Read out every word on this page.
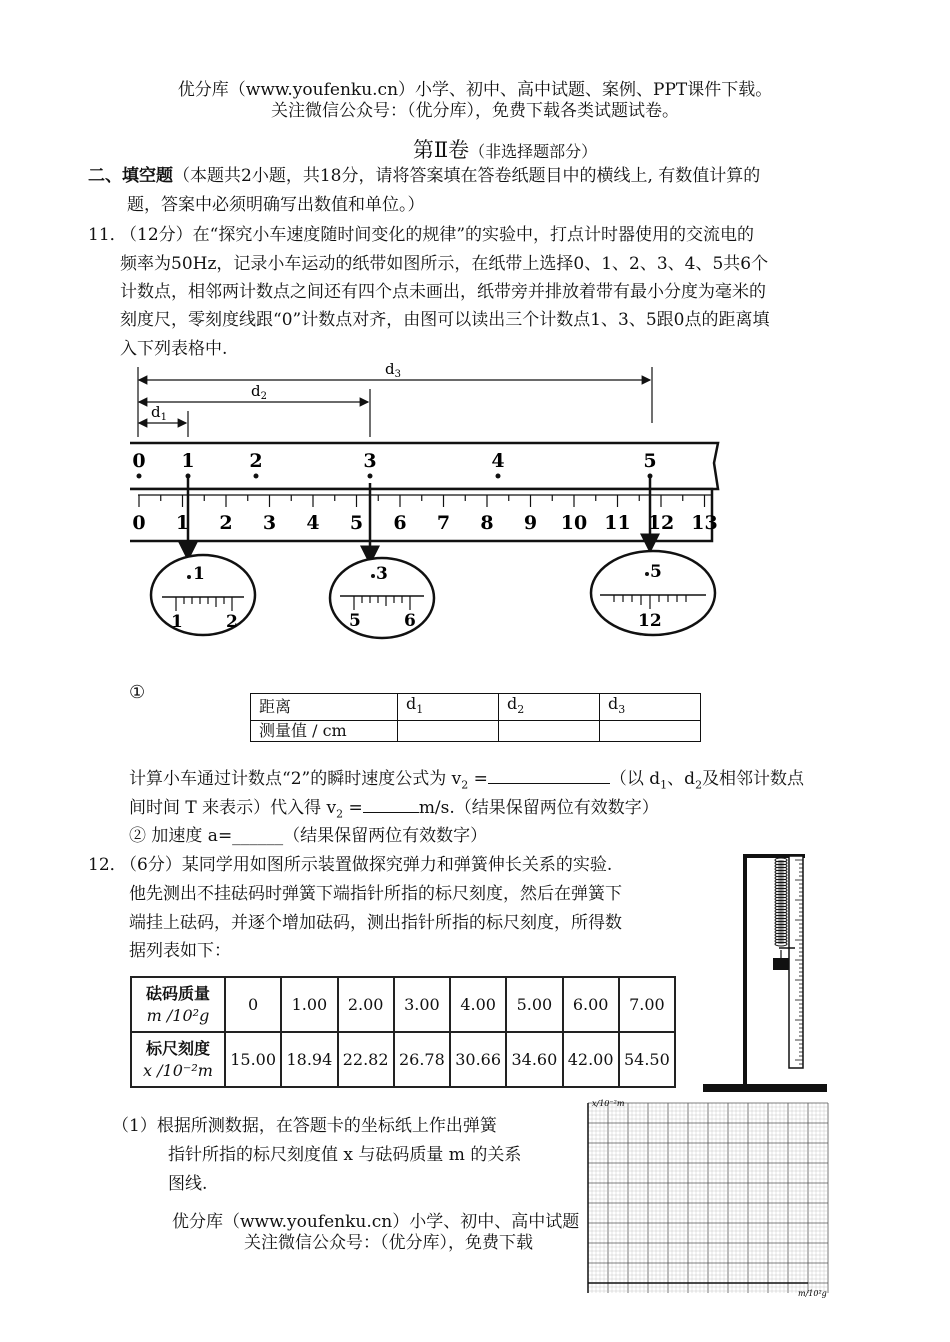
优分库（www.youfenku.cn）小学、初中、高中试题、案例、PPT课件下载。
关注微信公众号：（优分库），免费下载各类试题试卷。
第Ⅱ卷（非选择题部分）
二、填空题（本题共2小题，共18分，请将答案填在答卷纸题目中的横线上, 有数值计算的
题，答案中必须明确写出数值和单位。）
11．
（12分）在“探究小车速度随时间变化的规律”的实验中，打点计时器使用的交流电的
频率为50Hz，记录小车运动的纸带如图所示，在纸带上选择0、1、2、3、4、5共6个
计数点，相邻两计数点之间还有四个点未画出，纸带旁并排放着带有最小分度为毫米的
刻度尺，零刻度线跟“0”计数点对齐，由图可以读出三个计数点1、3、5跟0点的距离填
入下列表格中.
$d_3$
$d_2$
$d_1$
0 1 2 3 4 5 6 7 8 9 10 11 12 13
0 1	2	3	4	5
1
1	2
3
5	6
5
12
①
距离	$d_1$	$d_2$	$d_3$
测量值 / cm			
计算小车通过计数点“2”的瞬时速度公式为 $v_2$ =	（以 $d_1$、$d_2$及相邻计数点
间时间 T 来表示）代入得 $v_2$ =	m/s.（结果保留两位有效数字）
② 加速度 a=______（结果保留两位有效数字）
12．
（6分）某同学用如图所示装置做探究弹力和弹簧伸长关系的实验.
他先测出不挂砝码时弹簧下端指针所指的标尺刻度，然后在弹簧下
端挂上砝码，并逐个增加砝码，测出指针所指的标尺刻度，所得数
据列表如下：
砝码质量
m /10²g	0	1.00	2.00	3.00	4.00	5.00	6.00	7.00

标尺刻度
x /10⁻²m	15.00	18.94	22.82	26.78	30.66	34.60	42.00	54.50
（1）根据所测数据，在答题卡的坐标纸上作出弹簧
指针所指的标尺刻度值 x 与砝码质量 m 的关系
图线.
优分库（www.youfenku.cn）小学、初中、高中试题
关注微信公众号：（优分库），免费下载
x/10⁻²m
m/10²g
